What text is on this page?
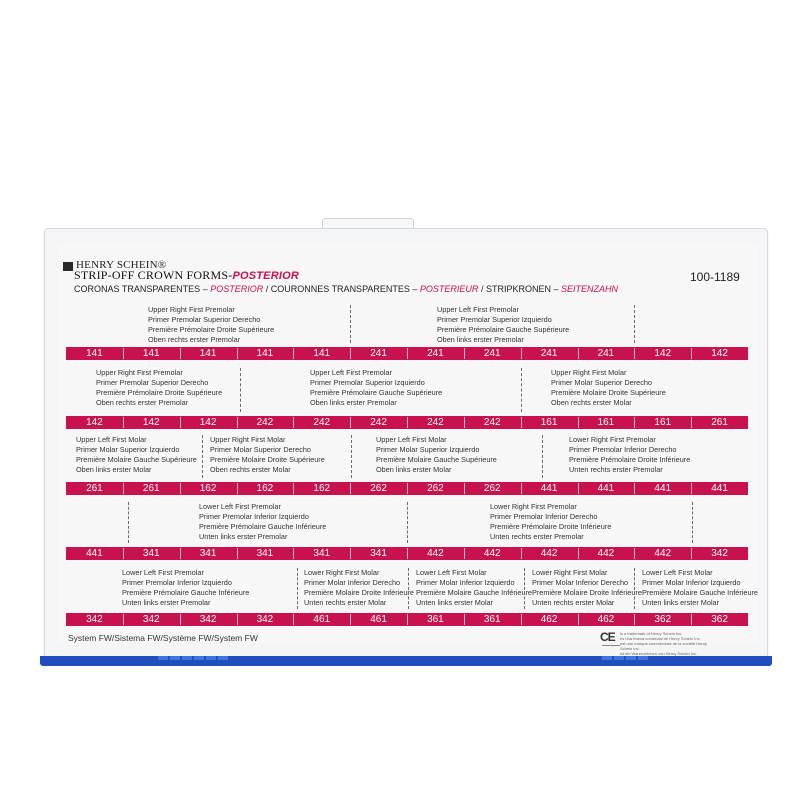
HENRY SCHEIN®
STRIP-OFF CROWN FORMS-POSTERIOR
CORONAS TRANSPARENTES – POSTERIOR / COURONNES TRANSPARENTES – POSTERIEUR / STRIPKRONEN – SEITENZAHN
100-1189
Upper Right First Premolar
Primer Premolar Superior Derecho
Première Prémolaire Droite Supérieure
Oben rechts erster Premolar
Upper Left First Premolar
Primer Premolar Superior Izquierdo
Première Prémolaire Gauche Supérieure
Oben links erster Premolar
141	141	141	141	141	241	241	241	241	241	142	142
Upper Right First Premolar
Primer Premolar Superior Derecho
Première Prémolaire Droite Supérieure
Oben rechts erster Premolar
Upper Left First Premolar
Primer Premolar Superior Izquierdo
Première Prémolaire Gauche Supérieure
Oben links erster Premolar
Upper Right First Molar
Primer Molar Superior Derecho
Première Molaire Droite Supérieure
Oben rechts erster Molar
142	142	142	242	242	242	242	242	161	161	161	261
Upper Left First Molar
Primer Molar Superior Izquierdo
Première Molaire Gauche Supérieure
Oben links erster Molar
Upper Right First Molar
Primer Molar Superior Derecho
Première Molaire Droite Supérieure
Oben rechts erster Molar
Upper Left First Molar
Primer Molar Superior Izquierdo
Première Molaire Gauche Supérieure
Oben links erster Molar
Lower Right First Premolar
Primer Premolar Inferior Derecho
Première Prémolaire Droite Inférieure
Unten rechts erster Premolar
261	261	162	162	162	262	262	262	441	441	441	441
Lower Left First Premolar
Primer Premolar Inferior Izquierdo
Première Prémolaire Gauche Inférieure
Unten links erster Premolar
Lower Right First Premolar
Primer Premolar Inferior Derecho
Première Prémolaire Droite Inférieure
Unten rechts erster Premolar
441	341	341	341	341	341	442	442	442	442	442	342
Lower Left First Premolar
Primer Premolar Inferior Izquierdo
Première Prémolaire Gauche Inférieure
Unten links erster Premolar
Lower Right First Molar
Primer Molar Inferior Derecho
Première Molaire Droite Inférieure
Unten rechts erster Molar
Lower Left First Molar
Primer Molar Inferior Izquierdo
Première Molaire Gauche Inférieure
Unten links erster Molar
Lower Right First Molar
Primer Molar Inferior Derecho
Première Molaire Droite Inférieure
Unten rechts erster Molar
Lower Left First Molar
Primer Molar Inferior Izquierdo
Première Molaire Gauche Inférieure
Unten links erster Molar
342	342	342	342	461	461	361	361	462	462	362	362
System FW/Sistema FW/Système FW/System FW	CE is a trademark of Henry Schein Inc.
es una marca comercial de Henry Schein Inc.
est une marque commerciale de la société Henry Schein Inc.
ist ein Warenzeichen von Henry Schein Inc.
